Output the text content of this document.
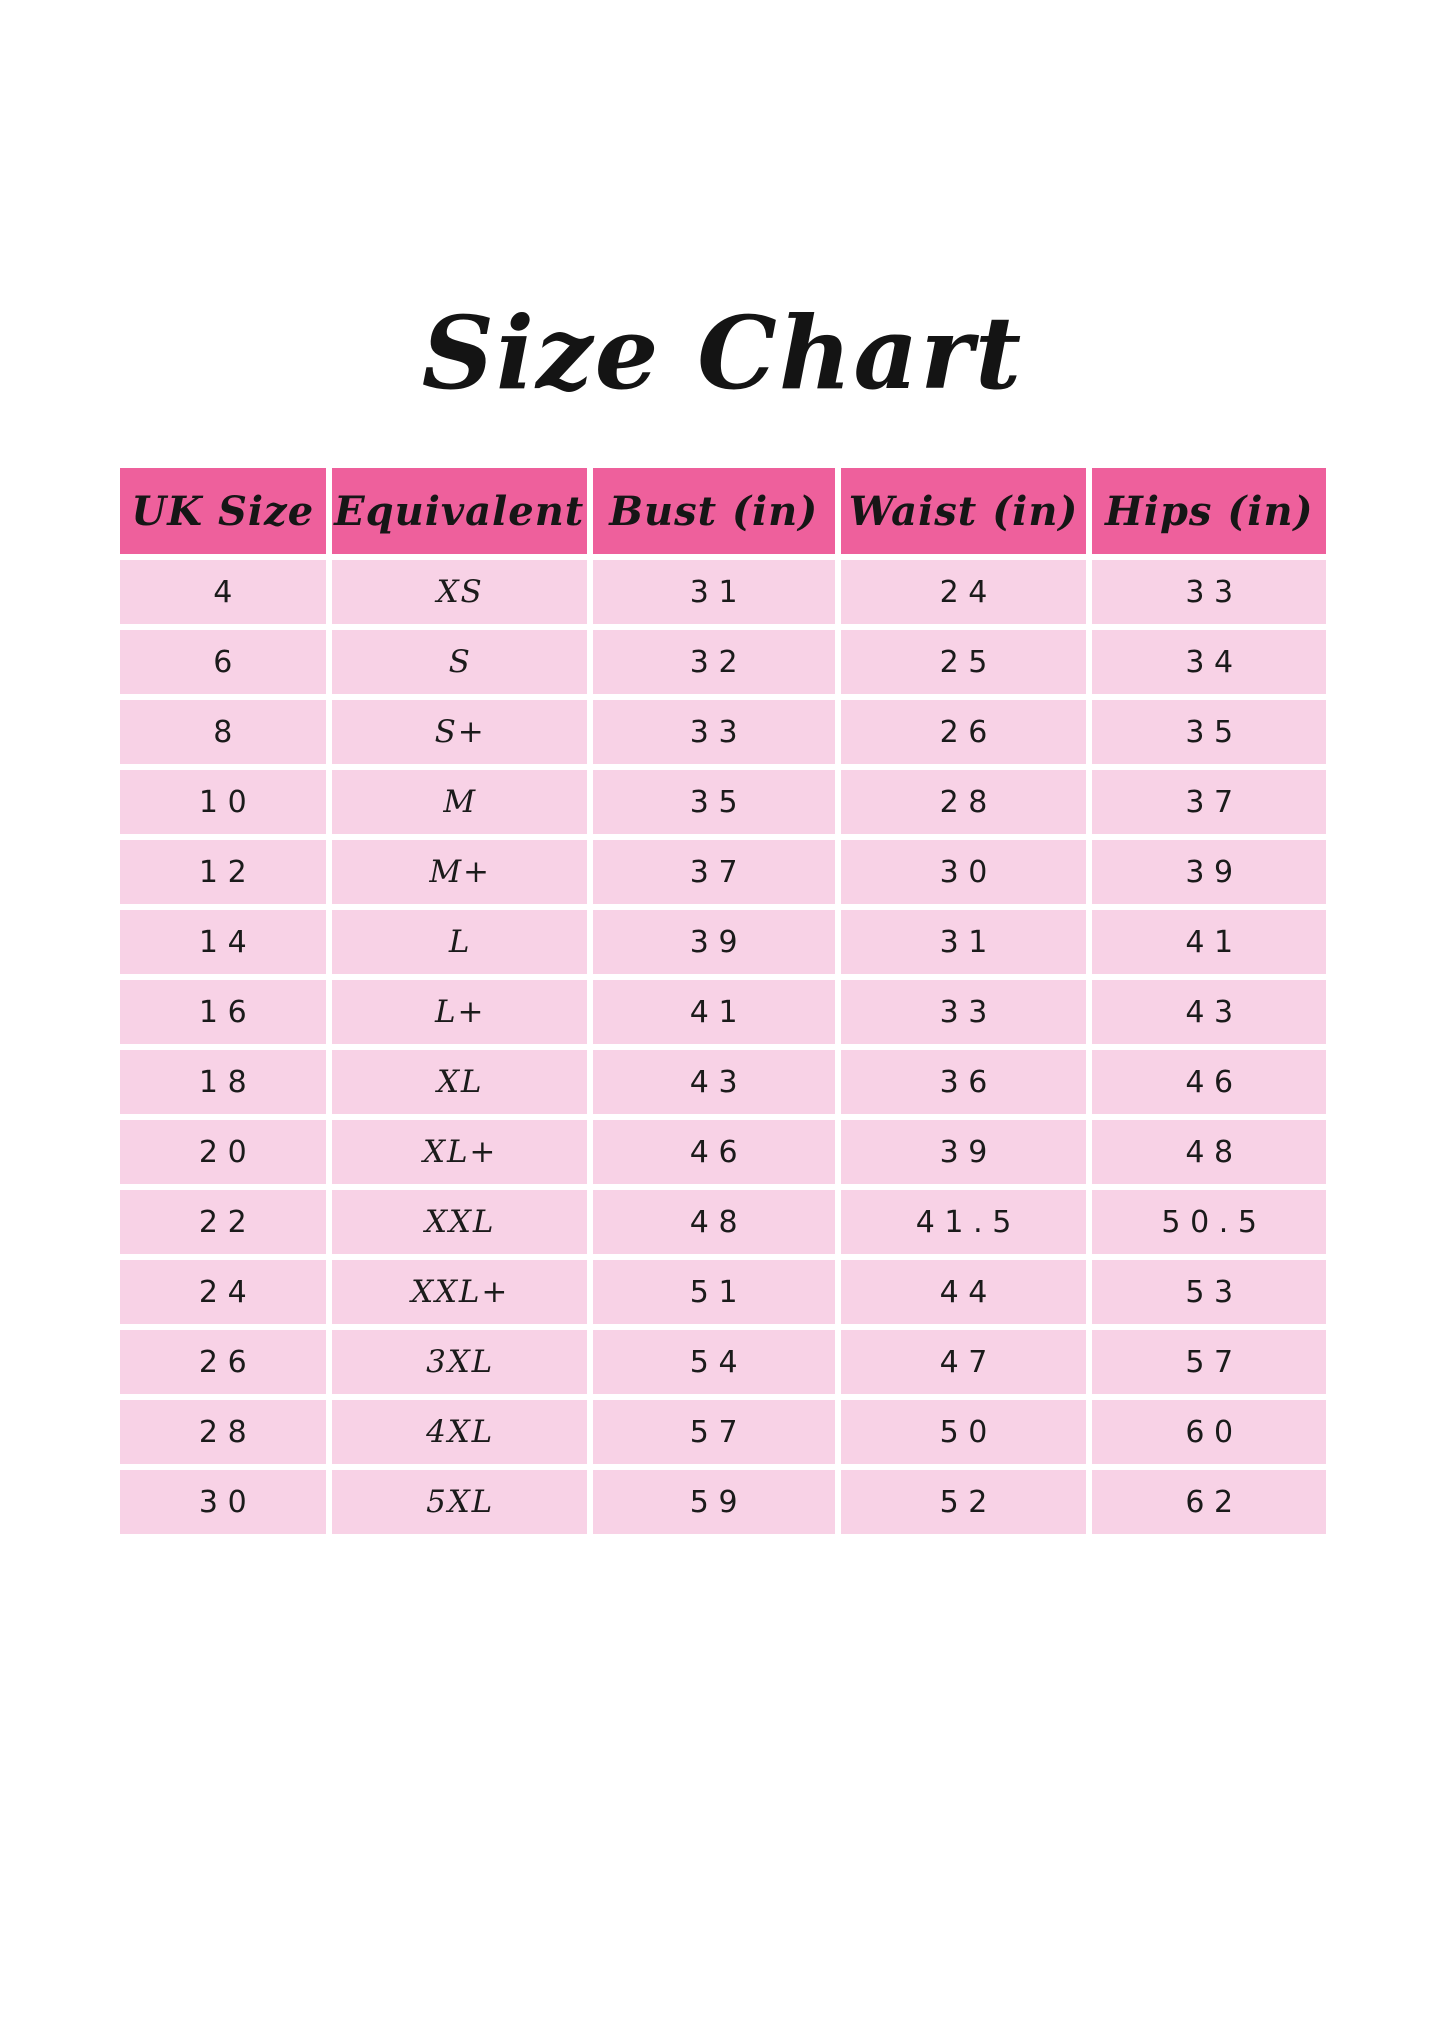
Size Chart
UK Size	Equivalent	Bust (in)	Waist (in)	Hips (in)
4	XS	31	24	33
6	S	32	25	34
8	S+	33	26	35
10	M	35	28	37
12	M+	37	30	39
14	L	39	31	41
16	L+	41	33	43
18	XL	43	36	46
20	XL+	46	39	48
22	XXL	48	41.5	50.5
24	XXL+	51	44	53
26	3XL	54	47	57
28	4XL	57	50	60
30	5XL	59	52	62
